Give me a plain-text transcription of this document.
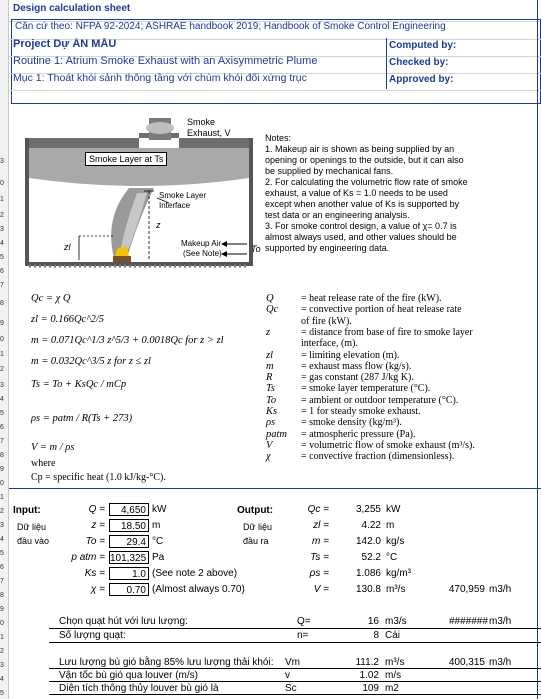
3
0
1
2
3
4
5
6
7
8
9
0
1
2
3
4
5
6
7
8
9
0
1
2
3
4
5
6
7
8
9
0
1
2
3
4
5
Design calculation sheet
Căn cứ theo: NFPA 92-2024; ASHRAE handbook 2019; Handbook of Smoke Control Engineering
Project Dự ÁN MẪU	Computed by:
Routine 1: Atrium Smoke Exhaust with an Axisymmetric Plume	Checked by:
Mục 1: Thoát khói sảnh thông tầng với chùm khói đối xứng trục	Approved by:
Smoke
Exhaust, V
Smoke Layer at Ts
Smoke Layer
Interface
z
zl	Makeup Air
(See Note)	To
Notes:
1. Makeup air is shown as being supplied by an
opening or openings to the outside, but it can also
be supplied by mechanical fans.
2. For calculating the volumetric flow rate of smoke
exhaust, a value of Ks = 1.0 needs to be used
except when another value of Ks is supported by
test data or an engineering analysis.
3. For smoke control design, a value of χ= 0.7 is
almost always used, and other values should be
supported by engineering data.
Qc = χ Q
zl = 0.166Qc^2/5
m = 0.071Qc^1/3 z^5/3 + 0.0018Qc for z > zl
m = 0.032Qc^3/5 z for z ≤ zl
Ts = To + KsQc / mCp
ρs = patm / R(Ts + 273)
V = m / ρs
where
Cp = specific heat (1.0 kJ/kg-°C).
Q	= heat release rate of the fire (kW).
Qc = convective portion of heat release rate
of fire (kW).
z	= distance from base of fire to smoke layer
interface, (m).
zl	= limiting elevation (m).
m	= exhaust mass flow (kg/s).
R	= gas constant (287 J/kg K).
Ts	= smoke layer temperature (°C).
To = ambient or outdoor temperature (°C).
Ks = 1 for steady smoke exhaust.
ρs	= smoke density (kg/m³).
patm = atmospheric pressure (Pa).
V	= volumetric flow of smoke exhaust (m³/s).
χ	= convective fraction (dimensionless).
Input:
Dữ liệu
đầu vào
Output:
Dữ liệu
đầu ra
Q =	4,650 kW
z =	18.50 m
To =	29.4 °C
p atm = 101,325 Pa
Ks =	1.0 (See note 2 above)
χ =	0.70 (Almost always 0.70)
Qc =	3,255 kW
zl =	4.22 m
m =	142.0 kg/s
Ts =	52.2 °C
ρs =	1.086 kg/m³
V =	130.8 m³/s	470,959 m3/h
Chọn quạt hút với lưu lượng:	Q=	16 m3/s	####### m3/h
Số lượng quạt:	n=	8 Cái
Lưu lượng bù gió bằng 85% lưu lượng thải khói: Vm	111.2 m³/s	400,315 m3/h
Vận tốc bù gió qua louver (m/s)	v	1.02 m/s
Diện tích thông thủy louver bù gió là	Sc	109 m2
